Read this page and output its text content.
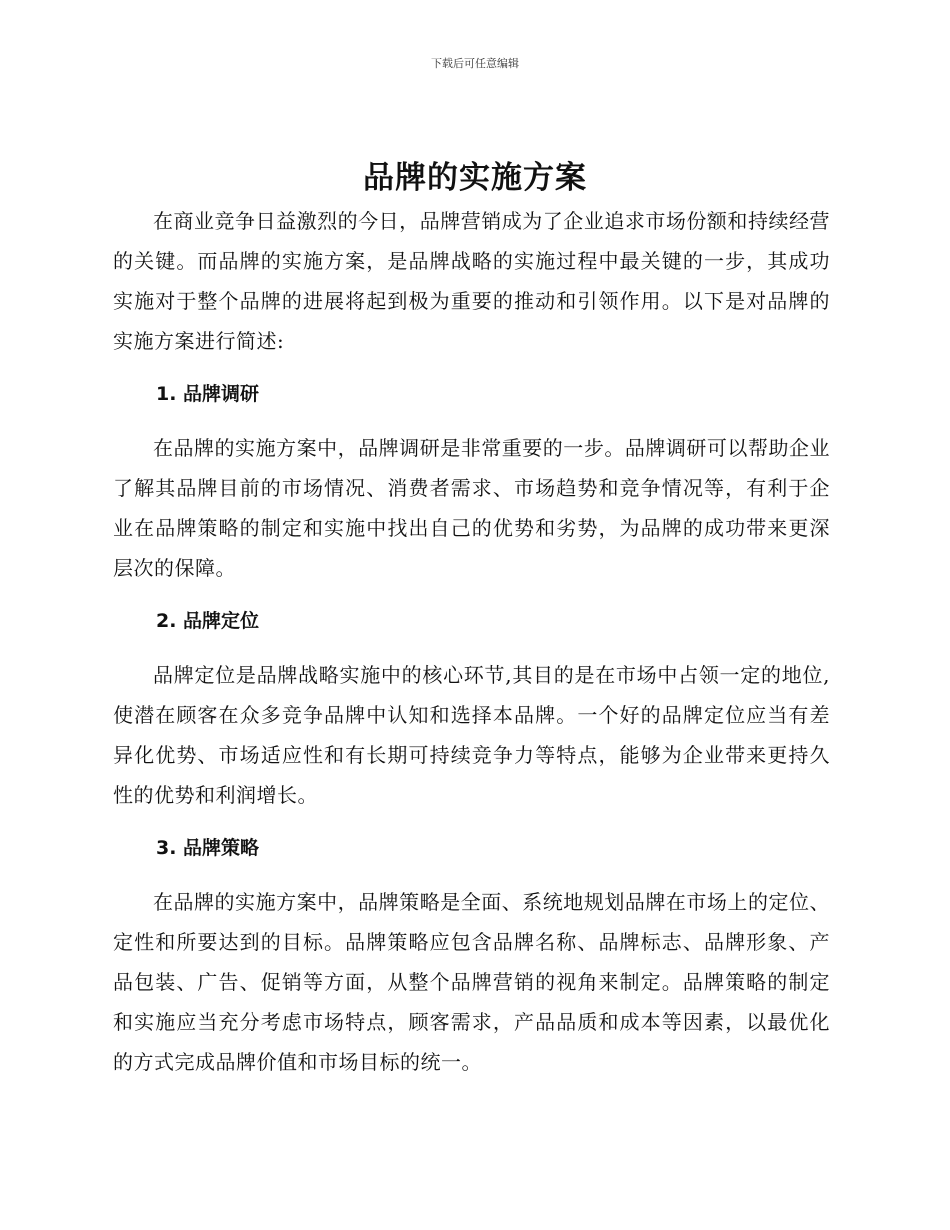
下载后可任意编辑
品牌的实施方案

在商业竞争日益激烈的今日，品牌营销成为了企业追求市场份额和持续经营的关键。而品牌的实施方案，是品牌战略的实施过程中最关键的一步，其成功实施对于整个品牌的进展将起到极为重要的推动和引领作用。以下是对品牌的实施方案进行简述:

1. 品牌调研

在品牌的实施方案中，品牌调研是非常重要的一步。品牌调研可以帮助企业了解其品牌目前的市场情况、消费者需求、市场趋势和竞争情况等，有利于企业在品牌策略的制定和实施中找出自己的优势和劣势，为品牌的成功带来更深层次的保障。

2. 品牌定位

品牌定位是品牌战略实施中的核心环节,其目的是在市场中占领一定的地位,使潜在顾客在众多竞争品牌中认知和选择本品牌。一个好的品牌定位应当有差异化优势、市场适应性和有长期可持续竞争力等特点，能够为企业带来更持久性的优势和利润增长。

3. 品牌策略

在品牌的实施方案中，品牌策略是全面、系统地规划品牌在市场上的定位、定性和所要达到的目标。品牌策略应包含品牌名称、品牌标志、品牌形象、产品包装、广告、促销等方面，从整个品牌营销的视角来制定。品牌策略的制定和实施应当充分考虑市场特点，顾客需求，产品品质和成本等因素，以最优化的方式完成品牌价值和市场目标的统一。
